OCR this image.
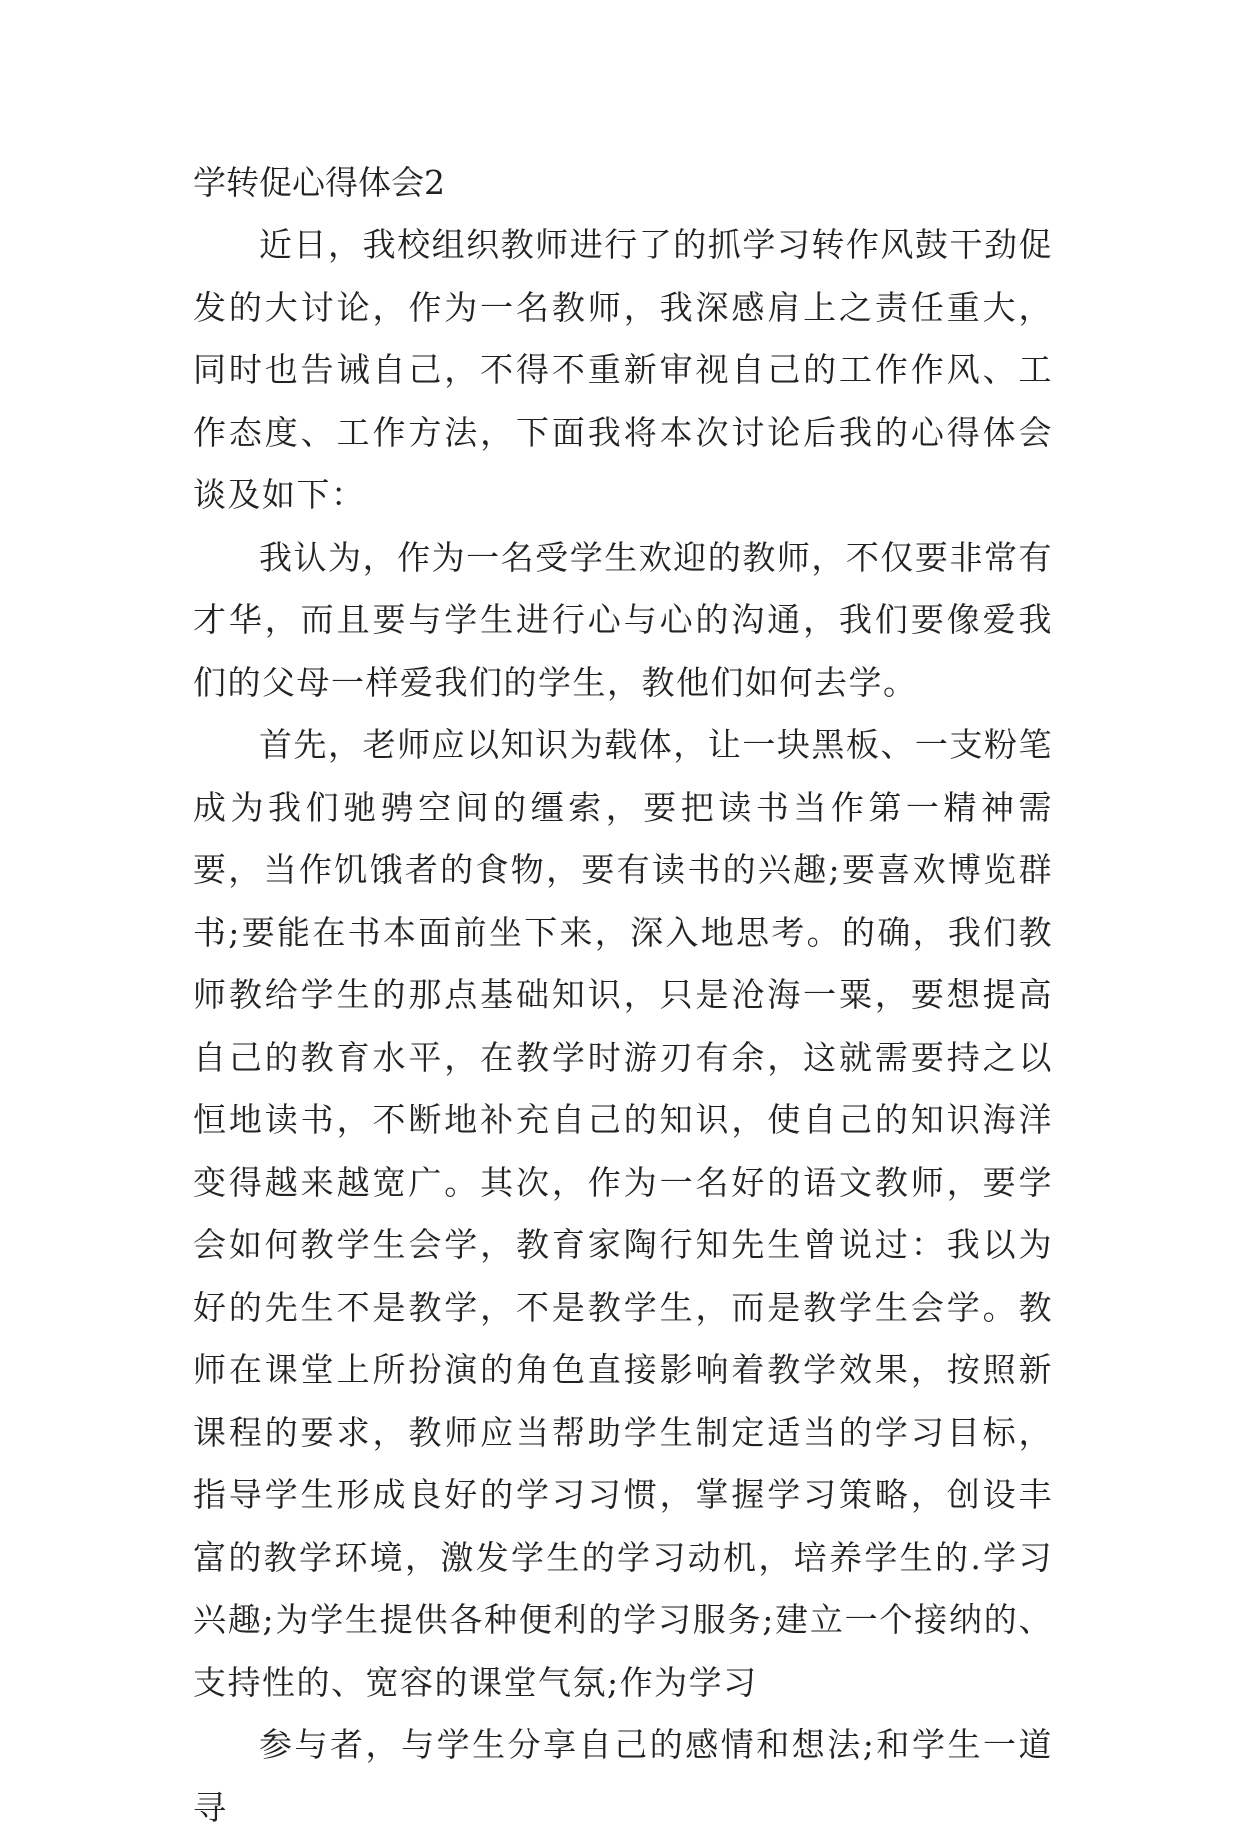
学转促心得体会2

近日，我校组织教师进行了的抓学习转作风鼓干劲促发的大讨论，作为一名教师，我深感肩上之责任重大，同时也告诫自己，不得不重新审视自己的工作作风、工作态度、工作方法，下面我将本次讨论后我的心得体会谈及如下：

我认为，作为一名受学生欢迎的教师，不仅要非常有才华，而且要与学生进行心与心的沟通，我们要像爱我们的父母一样爱我们的学生，教他们如何去学。

首先，老师应以知识为载体，让一块黑板、一支粉笔成为我们驰骋空间的缰索，要把读书当作第一精神需要，当作饥饿者的食物，要有读书的兴趣;要喜欢博览群书;要能在书本面前坐下来，深入地思考。的确，我们教师教给学生的那点基础知识，只是沧海一粟，要想提高自己的教育水平，在教学时游刃有余，这就需要持之以恒地读书，不断地补充自己的知识，使自己的知识海洋变得越来越宽广。其次，作为一名好的语文教师，要学会如何教学生会学，教育家陶行知先生曾说过：我以为好的先生不是教学，不是教学生，而是教学生会学。教师在课堂上所扮演的角色直接影响着教学效果，按照新课程的要求，教师应当帮助学生制定适当的学习目标，指导学生形成良好的学习习惯，掌握学习策略，创设丰富的教学环境，激发学生的学习动机，培养学生的.学习兴趣;为学生提供各种便利的学习服务;建立一个接纳的、支持性的、宽容的课堂气氛;作为学习

参与者，与学生分享自己的感情和想法;和学生一道寻
